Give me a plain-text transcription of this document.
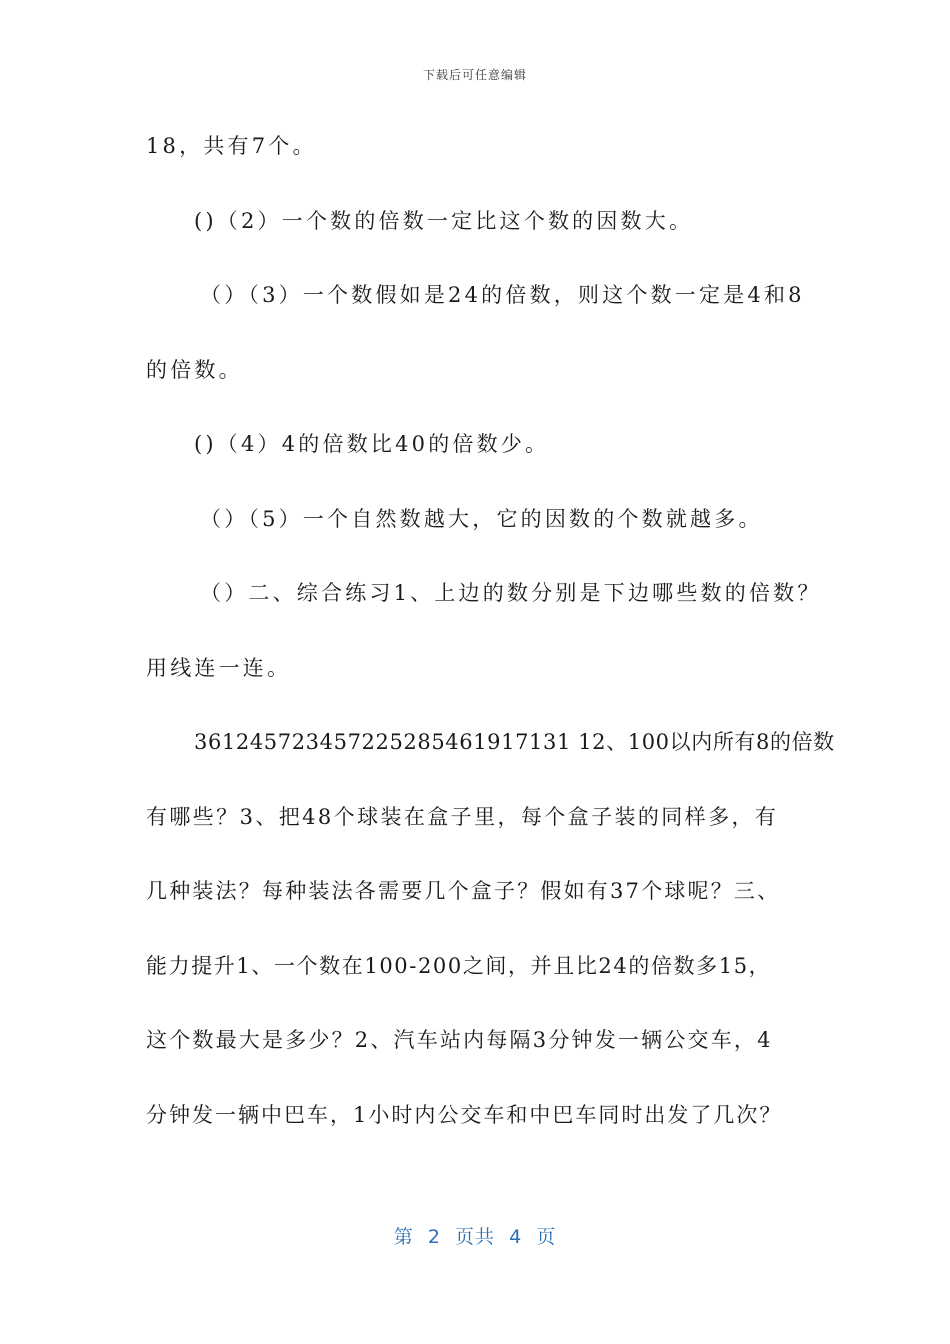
下载后可任意编辑
18，共有7个。
()（2）一个数的倍数一定比这个数的因数大。
（）（3）一个数假如是24的倍数，则这个数一定是4和8
的倍数。
()（4）4的倍数比40的倍数少。
（）（5）一个自然数越大，它的因数的个数就越多。
（）二、综合练习1、上边的数分别是下边哪些数的倍数？
用线连一连。
361245723457225285461917131 12、100以内所有8的倍数
有哪些？3、把48个球装在盒子里，每个盒子装的同样多，有
几种装法？每种装法各需要几个盒子？假如有37个球呢？三、
能力提升1、一个数在100-200之间，并且比24的倍数多15，
这个数最大是多少？2、汽车站内每隔3分钟发一辆公交车，4
分钟发一辆中巴车，1小时内公交车和中巴车同时出发了几次？
第  2  页共  4  页
